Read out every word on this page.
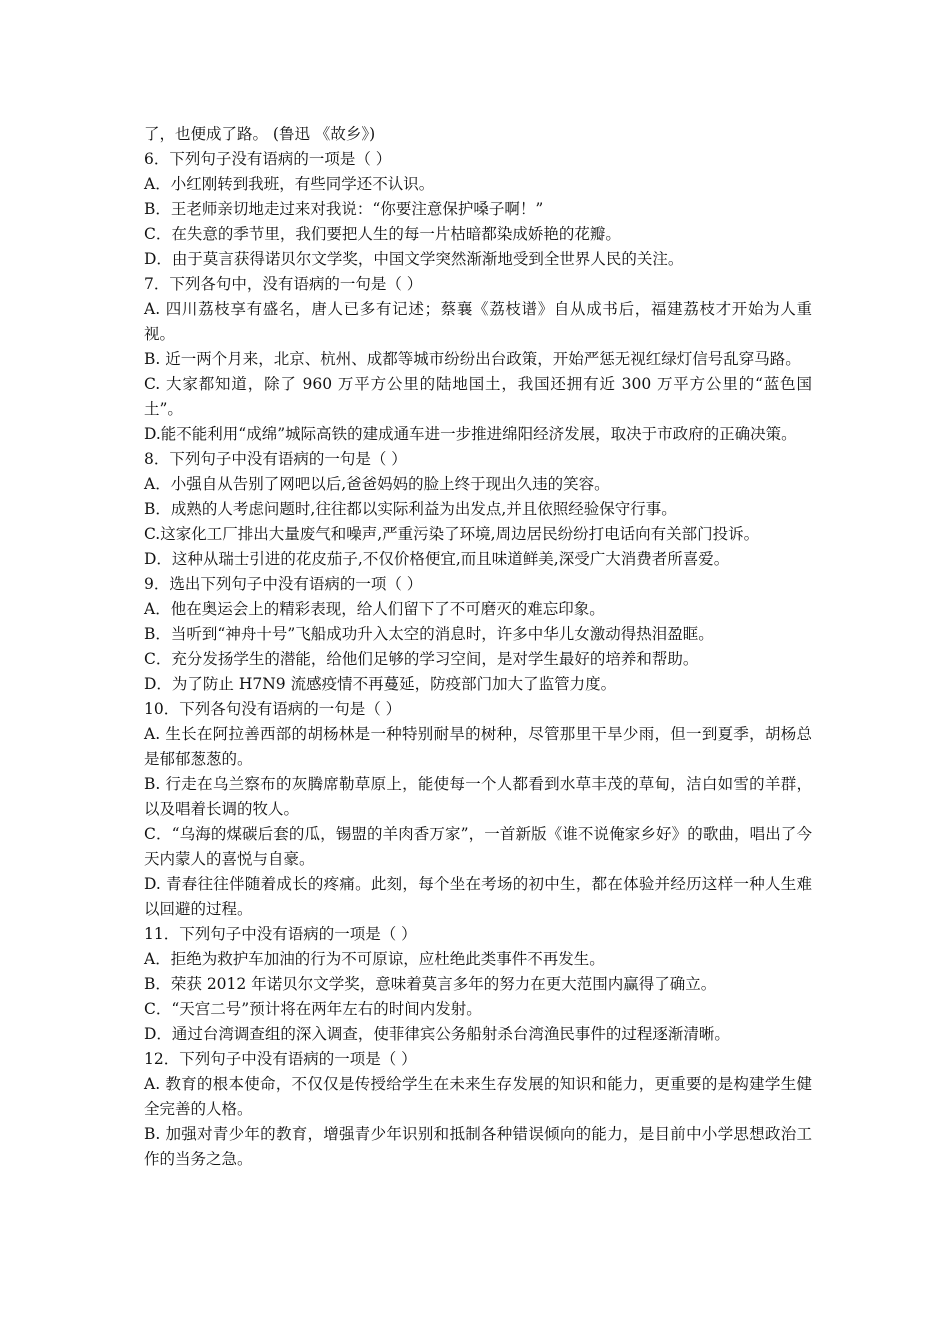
了，也便成了路。 (鲁迅 《故乡》)
6．下列句子没有语病的一项是（ ）
A．小红刚转到我班，有些同学还不认识。
B．王老师亲切地走过来对我说：“你要注意保护嗓子啊！”
C．在失意的季节里，我们要把人生的每一片枯暗都染成娇艳的花瓣。
D．由于莫言获得诺贝尔文学奖，中国文学突然渐渐地受到全世界人民的关注。
7．下列各句中，没有语病的一句是（ ）
A. 四川荔枝享有盛名，唐人已多有记述；蔡襄《荔枝谱》自从成书后，福建荔枝才开始为人重视。
B. 近一两个月来，北京、杭州、成都等城市纷纷出台政策，开始严惩无视红绿灯信号乱穿马路。
C. 大家都知道，除了 960 万平方公里的陆地国土，我国还拥有近 300 万平方公里的“蓝色国土”。
D.能不能利用“成绵”城际高铁的建成通车进一步推进绵阳经济发展，取决于市政府的正确决策。
8．下列句子中没有语病的一句是（ ）
A．小强自从告别了网吧以后,爸爸妈妈的脸上终于现出久违的笑容。
B．成熟的人考虑问题时,往往都以实际利益为出发点,并且依照经验保守行事。
C.这家化工厂排出大量废气和噪声,严重污染了环境,周边居民纷纷打电话向有关部门投诉。
D．这种从瑞士引进的花皮茄子,不仅价格便宜,而且味道鲜美,深受广大消费者所喜爱。
9．选出下列句子中没有语病的一项（ ）
A．他在奥运会上的精彩表现，给人们留下了不可磨灭的难忘印象。
B．当听到“神舟十号”飞船成功升入太空的消息时，许多中华儿女激动得热泪盈眶。
C．充分发扬学生的潜能，给他们足够的学习空间，是对学生最好的培养和帮助。
D．为了防止 H7N9 流感疫情不再蔓延，防疫部门加大了监管力度。
10．下列各句没有语病的一句是（ ）
A. 生长在阿拉善西部的胡杨林是一种特别耐旱的树种，尽管那里干旱少雨，但一到夏季，胡杨总是郁郁葱葱的。
B. 行走在乌兰察布的灰腾席勒草原上，能使每一个人都看到水草丰茂的草甸，洁白如雪的羊群，以及唱着长调的牧人。
C．“乌海的煤碳后套的瓜，锡盟的羊肉香万家”，一首新版《谁不说俺家乡好》的歌曲，唱出了今天内蒙人的喜悦与自豪。
D. 青春往往伴随着成长的疼痛。此刻，每个坐在考场的初中生，都在体验并经历这样一种人生难以回避的过程。
11．下列句子中没有语病的一项是（ ）
A．拒绝为救护车加油的行为不可原谅，应杜绝此类事件不再发生。
B．荣获 2012 年诺贝尔文学奖，意味着莫言多年的努力在更大范围内赢得了确立。
C．“天宫二号”预计将在两年左右的时间内发射。
D．通过台湾调查组的深入调查，使菲律宾公务船射杀台湾渔民事件的过程逐渐清晰。
12．下列句子中没有语病的一项是（ ）
A. 教育的根本使命，不仅仅是传授给学生在未来生存发展的知识和能力，更重要的是构建学生健全完善的人格。
B. 加强对青少年的教育，增强青少年识别和抵制各种错误倾向的能力，是目前中小学思想政治工作的当务之急。
